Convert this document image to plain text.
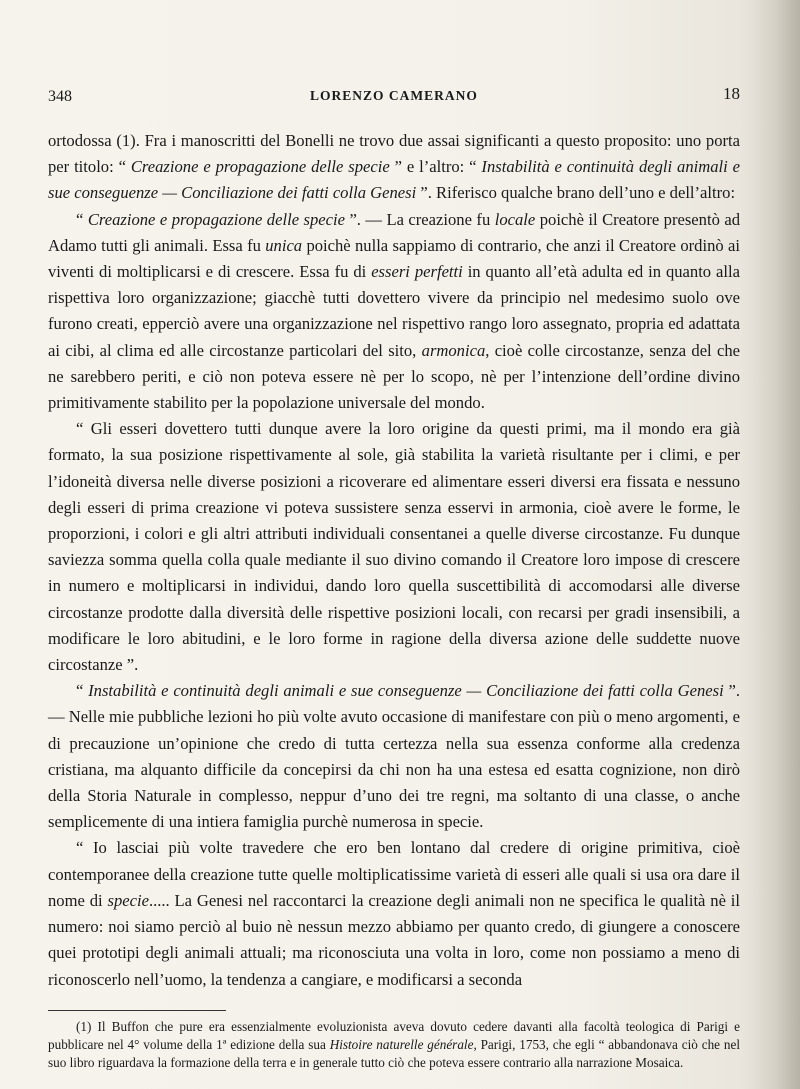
348	LORENZO CAMERANO	18

ortodossa (1). Fra i manoscritti del Bonelli ne trovo due assai significanti a questo proposito: uno porta per titolo: “ Creazione e propagazione delle specie ” e l’altro: “ Instabilità e continuità degli animali e sue conseguenze — Conciliazione dei fatti colla Genesi ”. Riferisco qualche brano dell’uno e dell’altro:

“ Creazione e propagazione delle specie ”. — La creazione fu locale poichè il Creatore presentò ad Adamo tutti gli animali. Essa fu unica poichè nulla sappiamo di contrario, che anzi il Creatore ordinò ai viventi di moltiplicarsi e di crescere. Essa fu di esseri perfetti in quanto all’età adulta ed in quanto alla rispettiva loro organizzazione; giacchè tutti dovettero vivere da principio nel medesimo suolo ove furono creati, epperciò avere una organizzazione nel rispettivo rango loro assegnato, propria ed adattata ai cibi, al clima ed alle circostanze particolari del sito, armonica, cioè colle circostanze, senza del che ne sarebbero periti, e ciò non poteva essere nè per lo scopo, nè per l’intenzione dell’ordine divino primitivamente stabilito per la popolazione universale del mondo.

“ Gli esseri dovettero tutti dunque avere la loro origine da questi primi, ma il mondo era già formato, la sua posizione rispettivamente al sole, già stabilita la varietà risultante per i climi, e per l’idoneità diversa nelle diverse posizioni a ricoverare ed alimentare esseri diversi era fissata e nessuno degli esseri di prima creazione vi poteva sussistere senza esservi in armonia, cioè avere le forme, le proporzioni, i colori e gli altri attributi individuali consentanei a quelle diverse circostanze. Fu dunque saviezza somma quella colla quale mediante il suo divino comando il Creatore loro impose di crescere in numero e moltiplicarsi in individui, dando loro quella suscettibilità di accomodarsi alle diverse circostanze prodotte dalla diversità delle rispettive posizioni locali, con recarsi per gradi insensibili, a modificare le loro abitudini, e le loro forme in ragione della diversa azione delle suddette nuove circostanze ”.

“ Instabilità e continuità degli animali e sue conseguenze — Conciliazione dei fatti colla Genesi ”. — Nelle mie pubbliche lezioni ho più volte avuto occasione di manifestare con più o meno argomenti, e di precauzione un’opinione che credo di tutta certezza nella sua essenza conforme alla credenza cristiana, ma alquanto difficile da concepirsi da chi non ha una estesa ed esatta cognizione, non dirò della Storia Naturale in complesso, neppur d’uno dei tre regni, ma soltanto di una classe, o anche semplicemente di una intiera famiglia purchè numerosa in specie.

“ Io lasciai più volte travedere che ero ben lontano dal credere di origine primitiva, cioè contemporanee della creazione tutte quelle moltiplicatissime varietà di esseri alle quali si usa ora dare il nome di specie..... La Genesi nel raccontarci la creazione degli animali non ne specifica le qualità nè il numero: noi siamo perciò al buio nè nessun mezzo abbiamo per quanto credo, di giungere a conoscere quei prototipi degli animali attuali; ma riconosciuta una volta in loro, come non possiamo a meno di riconoscerlo nell’uomo, la tendenza a cangiare, e modificarsi a seconda

(1) Il Buffon che pure era essenzialmente evoluzionista aveva dovuto cedere davanti alla facoltà teologica di Parigi e pubblicare nel 4° volume della 1ª edizione della sua Histoire naturelle générale, Parigi, 1753, che egli “ abbandonava ciò che nel suo libro riguardava la formazione della terra e in generale tutto ciò che poteva essere contrario alla narrazione Mosaica.
